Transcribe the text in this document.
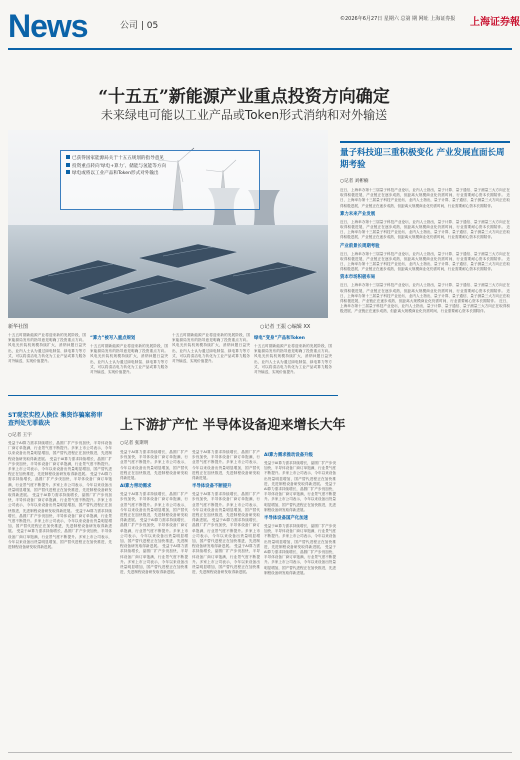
News	公司 | 05
©2026年6月27日 星期六 总第 期 网址 上海证券报	上海证券報
“十五五”新能源产业重点投资方向确定
未来绿电可能以工业产品或Token形式消纳和对外输送
已获得国家能源局关于十五五规划的指导意见
投资重点转向‘绿电+算力’、储能与氢能等方向
绿电或将以工业产品和Token形式对外输出
新华社图	○记者 王振 ○编辑 XX
十五五时期新能源产业将迎来新的发展阶段，国家能源局发布的指导意见明确了投资重点方向。风电光伏装机规模持续扩大，消纳问题日益突出，业内人士认为通过绿电制氢、绿电算力等方式，可以将清洁电力转化为工业产品或算力服务对外输送，实现价值提升。
“算力”被写入重点规划
十五五时期新能源产业将迎来新的发展阶段，国家能源局发布的指导意见明确了投资重点方向。风电光伏装机规模持续扩大，消纳问题日益突出，业内人士认为通过绿电制氢、绿电算力等方式，可以将清洁电力转化为工业产品或算力服务对外输送，实现价值提升。
十五五时期新能源产业将迎来新的发展阶段，国家能源局发布的指导意见明确了投资重点方向。风电光伏装机规模持续扩大，消纳问题日益突出，业内人士认为通过绿电制氢、绿电算力等方式，可以将清洁电力转化为工业产品或算力服务对外输送，实现价值提升。
绿电“变身”产品和Token
十五五时期新能源产业将迎来新的发展阶段，国家能源局发布的指导意见明确了投资重点方向。风电光伏装机规模持续扩大，消纳问题日益突出，业内人士认为通过绿电制氢、绿电算力等方式，可以将清洁电力转化为工业产品或算力服务对外输送，实现价值提升。
量子科技迎三重积极变化 产业发展直面长周期考验
○记者 刘彬楠
近日，上海举办第十三届量子科技产业论坛，业内人士指出，量子计算、量子通信、量子测量三大方向正在取得积极进展，产业链正在逐步成熟，但距离大规模商业化仍需时间，行业需要耐心资本长期陪伴。 近日，上海举办第十三届量子科技产业论坛，业内人士指出，量子计算、量子通信、量子测量三大方向正在取得积极进展，产业链正在逐步成熟，但距离大规模商业化仍需时间，行业需要耐心资本长期陪伴。
算力未来产业发展
近日，上海举办第十三届量子科技产业论坛，业内人士指出，量子计算、量子通信、量子测量三大方向正在取得积极进展，产业链正在逐步成熟，但距离大规模商业化仍需时间，行业需要耐心资本长期陪伴。 近日，上海举办第十三届量子科技产业论坛，业内人士指出，量子计算、量子通信、量子测量三大方向正在取得积极进展，产业链正在逐步成熟，但距离大规模商业化仍需时间，行业需要耐心资本长期陪伴。
产业前景长周期考验
近日，上海举办第十三届量子科技产业论坛，业内人士指出，量子计算、量子通信、量子测量三大方向正在取得积极进展，产业链正在逐步成熟，但距离大规模商业化仍需时间，行业需要耐心资本长期陪伴。 近日，上海举办第十三届量子科技产业论坛，业内人士指出，量子计算、量子通信、量子测量三大方向正在取得积极进展，产业链正在逐步成熟，但距离大规模商业化仍需时间，行业需要耐心资本长期陪伴。
资本市场积极布局
近日，上海举办第十三届量子科技产业论坛，业内人士指出，量子计算、量子通信、量子测量三大方向正在取得积极进展，产业链正在逐步成熟，但距离大规模商业化仍需时间，行业需要耐心资本长期陪伴。 近日，上海举办第十三届量子科技产业论坛，业内人士指出，量子计算、量子通信、量子测量三大方向正在取得积极进展，产业链正在逐步成熟，但距离大规模商业化仍需时间，行业需要耐心资本长期陪伴。 近日，上海举办第十三届量子科技产业论坛，业内人士指出，量子计算、量子通信、量子测量三大方向正在取得积极进展，产业链正在逐步成熟，但距离大规模商业化仍需时间，行业需要耐心资本长期陪伴。
ST观宏实控人换位 集资诈骗案将审查判处无罪裁决
○记者 王宇
受益于AI算力需求持续增长，晶圆厂扩产步伐加快，半导体设备厂商订单饱满，行业景气度不断提升。多家上市公司表示，今年以来设备出货量明显增加，国产替代进程正在加快推进，先进制程设备研发取得新进展。 受益于AI算力需求持续增长，晶圆厂扩产步伐加快，半导体设备厂商订单饱满，行业景气度不断提升。多家上市公司表示，今年以来设备出货量明显增加，国产替代进程正在加快推进，先进制程设备研发取得新进展。 受益于AI算力需求持续增长，晶圆厂扩产步伐加快，半导体设备厂商订单饱满，行业景气度不断提升。多家上市公司表示，今年以来设备出货量明显增加，国产替代进程正在加快推进，先进制程设备研发取得新进展。 受益于AI算力需求持续增长，晶圆厂扩产步伐加快，半导体设备厂商订单饱满，行业景气度不断提升。多家上市公司表示，今年以来设备出货量明显增加，国产替代进程正在加快推进，先进制程设备研发取得新进展。 受益于AI算力需求持续增长，晶圆厂扩产步伐加快，半导体设备厂商订单饱满，行业景气度不断提升。多家上市公司表示，今年以来设备出货量明显增加，国产替代进程正在加快推进，先进制程设备研发取得新进展。 受益于AI算力需求持续增长，晶圆厂扩产步伐加快，半导体设备厂商订单饱满，行业景气度不断提升。多家上市公司表示，今年以来设备出货量明显增加，国产替代进程正在加快推进，先进制程设备研发取得新进展。
上下游扩产忙 半导体设备迎来增长大年
○记者 张斯明
受益于AI算力需求持续增长，晶圆厂扩产步伐加快，半导体设备厂商订单饱满，行业景气度不断提升。多家上市公司表示，今年以来设备出货量明显增加，国产替代进程正在加快推进，先进制程设备研发取得新进展。
AI算力带动需求
受益于AI算力需求持续增长，晶圆厂扩产步伐加快，半导体设备厂商订单饱满，行业景气度不断提升。多家上市公司表示，今年以来设备出货量明显增加，国产替代进程正在加快推进，先进制程设备研发取得新进展。 受益于AI算力需求持续增长，晶圆厂扩产步伐加快，半导体设备厂商订单饱满，行业景气度不断提升。多家上市公司表示，今年以来设备出货量明显增加，国产替代进程正在加快推进，先进制程设备研发取得新进展。 受益于AI算力需求持续增长，晶圆厂扩产步伐加快，半导体设备厂商订单饱满，行业景气度不断提升。多家上市公司表示，今年以来设备出货量明显增加，国产替代进程正在加快推进，先进制程设备研发取得新进展。
受益于AI算力需求持续增长，晶圆厂扩产步伐加快，半导体设备厂商订单饱满，行业景气度不断提升。多家上市公司表示，今年以来设备出货量明显增加，国产替代进程正在加快推进，先进制程设备研发取得新进展。
半导体设备不断提升
受益于AI算力需求持续增长，晶圆厂扩产步伐加快，半导体设备厂商订单饱满，行业景气度不断提升。多家上市公司表示，今年以来设备出货量明显增加，国产替代进程正在加快推进，先进制程设备研发取得新进展。 受益于AI算力需求持续增长，晶圆厂扩产步伐加快，半导体设备厂商订单饱满，行业景气度不断提升。多家上市公司表示，今年以来设备出货量明显增加，国产替代进程正在加快推进，先进制程设备研发取得新进展。 受益于AI算力需求持续增长，晶圆厂扩产步伐加快，半导体设备厂商订单饱满，行业景气度不断提升。多家上市公司表示，今年以来设备出货量明显增加，国产替代进程正在加快推进，先进制程设备研发取得新进展。
AI算力需求推动设备升级
受益于AI算力需求持续增长，晶圆厂扩产步伐加快，半导体设备厂商订单饱满，行业景气度不断提升。多家上市公司表示，今年以来设备出货量明显增加，国产替代进程正在加快推进，先进制程设备研发取得新进展。 受益于AI算力需求持续增长，晶圆厂扩产步伐加快，半导体设备厂商订单饱满，行业景气度不断提升。多家上市公司表示，今年以来设备出货量明显增加，国产替代进程正在加快推进，先进制程设备研发取得新进展。
半导体设备国产化加速
受益于AI算力需求持续增长，晶圆厂扩产步伐加快，半导体设备厂商订单饱满，行业景气度不断提升。多家上市公司表示，今年以来设备出货量明显增加，国产替代进程正在加快推进，先进制程设备研发取得新进展。 受益于AI算力需求持续增长，晶圆厂扩产步伐加快，半导体设备厂商订单饱满，行业景气度不断提升。多家上市公司表示，今年以来设备出货量明显增加，国产替代进程正在加快推进，先进制程设备研发取得新进展。
